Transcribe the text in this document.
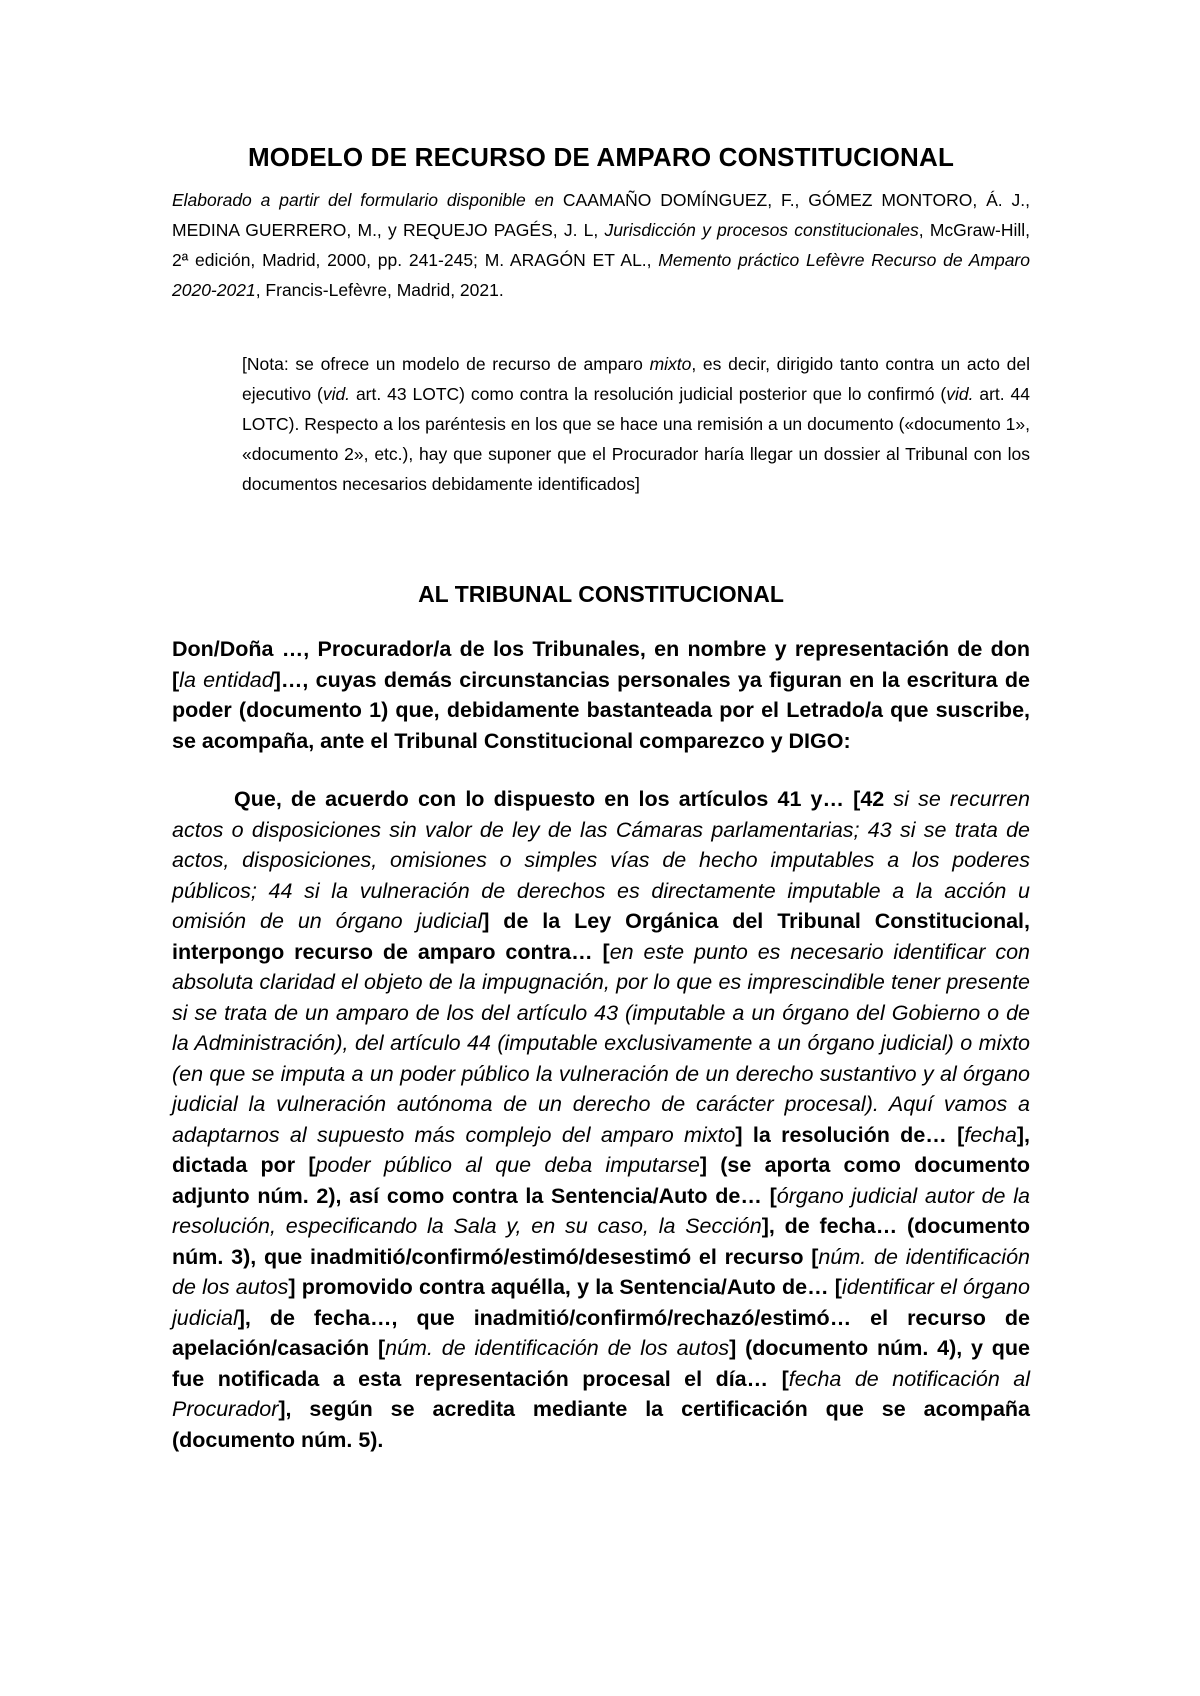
MODELO DE RECURSO DE AMPARO CONSTITUCIONAL

Elaborado a partir del formulario disponible en CAAMAÑO DOMÍNGUEZ, F., GÓMEZ MONTORO, Á. J., MEDINA GUERRERO, M., y REQUEJO PAGÉS, J. L, Jurisdicción y procesos constitucionales, McGraw-Hill, 2ª edición, Madrid, 2000, pp. 241-245; M. ARAGÓN ET AL., Memento práctico Lefèvre Recurso de Amparo 2020-2021, Francis-Lefèvre, Madrid, 2021.

[Nota: se ofrece un modelo de recurso de amparo mixto, es decir, dirigido tanto contra un acto del ejecutivo (vid. art. 43 LOTC) como contra la resolución judicial posterior que lo confirmó (vid. art. 44 LOTC). Respecto a los paréntesis en los que se hace una remisión a un documento («documento 1», «documento 2», etc.), hay que suponer que el Procurador haría llegar un dossier al Tribunal con los documentos necesarios debidamente identificados]

AL TRIBUNAL CONSTITUCIONAL

Don/Doña …, Procurador/a de los Tribunales, en nombre y representación de don [la entidad]…, cuyas demás circunstancias personales ya figuran en la escritura de poder (documento 1) que, debidamente bastanteada por el Letrado/a que suscribe, se acompaña, ante el Tribunal Constitucional comparezco y DIGO:

Que, de acuerdo con lo dispuesto en los artículos 41 y… [42 si se recurren actos o disposiciones sin valor de ley de las Cámaras parlamentarias; 43 si se trata de actos, disposiciones, omisiones o simples vías de hecho imputables a los poderes públicos; 44 si la vulneración de derechos es directamente imputable a la acción u omisión de un órgano judicial] de la Ley Orgánica del Tribunal Constitucional, interpongo recurso de amparo contra… [en este punto es necesario identificar con absoluta claridad el objeto de la impugnación, por lo que es imprescindible tener presente si se trata de un amparo de los del artículo 43 (imputable a un órgano del Gobierno o de la Administración), del artículo 44 (imputable exclusivamente a un órgano judicial) o mixto (en que se imputa a un poder público la vulneración de un derecho sustantivo y al órgano judicial la vulneración autónoma de un derecho de carácter procesal). Aquí vamos a adaptarnos al supuesto más complejo del amparo mixto] la resolución de… [fecha], dictada por [poder público al que deba imputarse] (se aporta como documento adjunto núm. 2), así como contra la Sentencia/Auto de… [órgano judicial autor de la resolución, especificando la Sala y, en su caso, la Sección], de fecha… (documento núm. 3), que inadmitió/confirmó/estimó/desestimó el recurso [núm. de identificación de los autos] promovido contra aquélla, y la Sentencia/Auto de… [identificar el órgano judicial], de fecha…, que inadmitió/confirmó/rechazó/estimó… el recurso de apelación/casación [núm. de identificación de los autos] (documento núm. 4), y que fue notificada a esta representación procesal el día… [fecha de notificación al Procurador], según se acredita mediante la certificación que se acompaña (documento núm. 5).
